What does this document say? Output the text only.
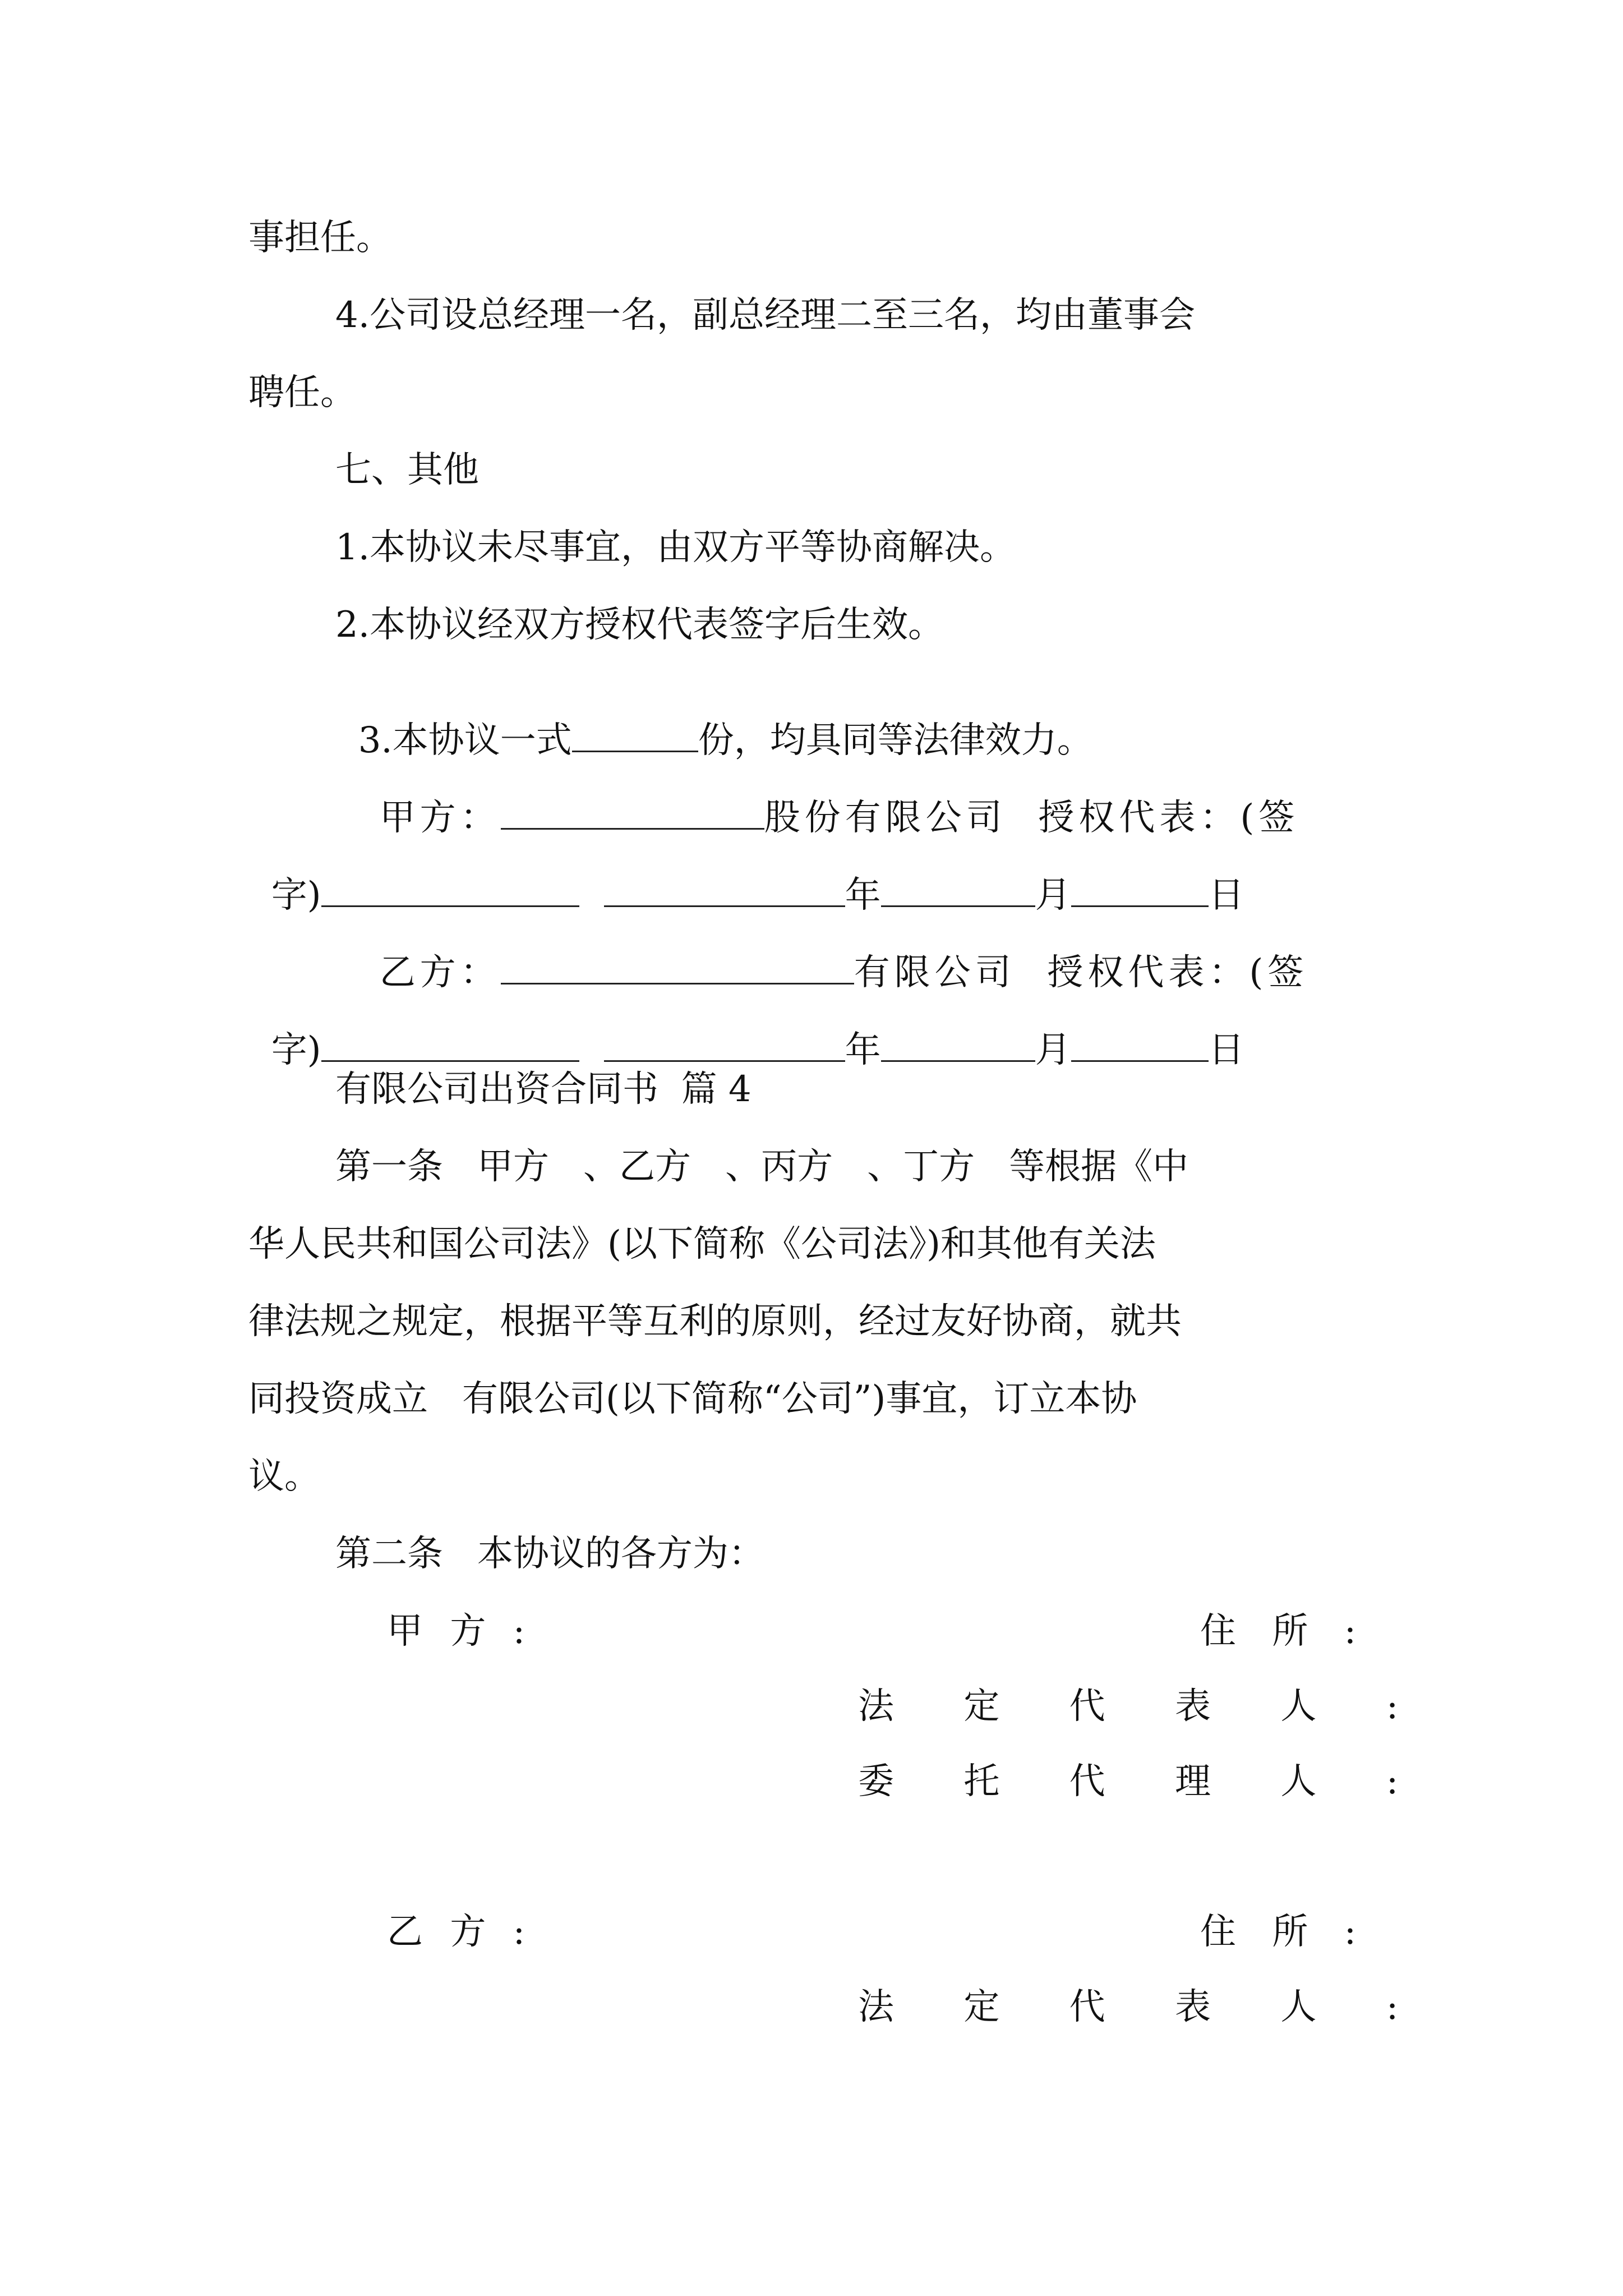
事担任。
4.公司设总经理一名，副总经理二至三名，均由董事会
聘任。
七、其他
1.本协议未尽事宜，由双方平等协商解决。
2.本协议经双方授权代表签字后生效。

3.本协议一式	份，均具同等法律效力。

甲方：	股份有限公司  授权代表：(签

字)	年	月	日

乙方：	有限公司  授权代表：(签

字)	年	月	日

有限公司出资合同书  篇 4
第一条   甲方   、乙方   、丙方   、丁方   等根据《中
华人民共和国公司法》(以下简称《公司法》)和其他有关法
律法规之规定，根据平等互利的原则，经过友好协商，就共
同投资成立   有限公司(以下简称“公司”)事宜，订立本协
议。
第二条   本协议的各方为：
甲 方 :	住 所 :
法 定 代 表 人 :
委 托 代 理 人 :
乙 方 :	住 所 :
法 定 代 表 人 :
